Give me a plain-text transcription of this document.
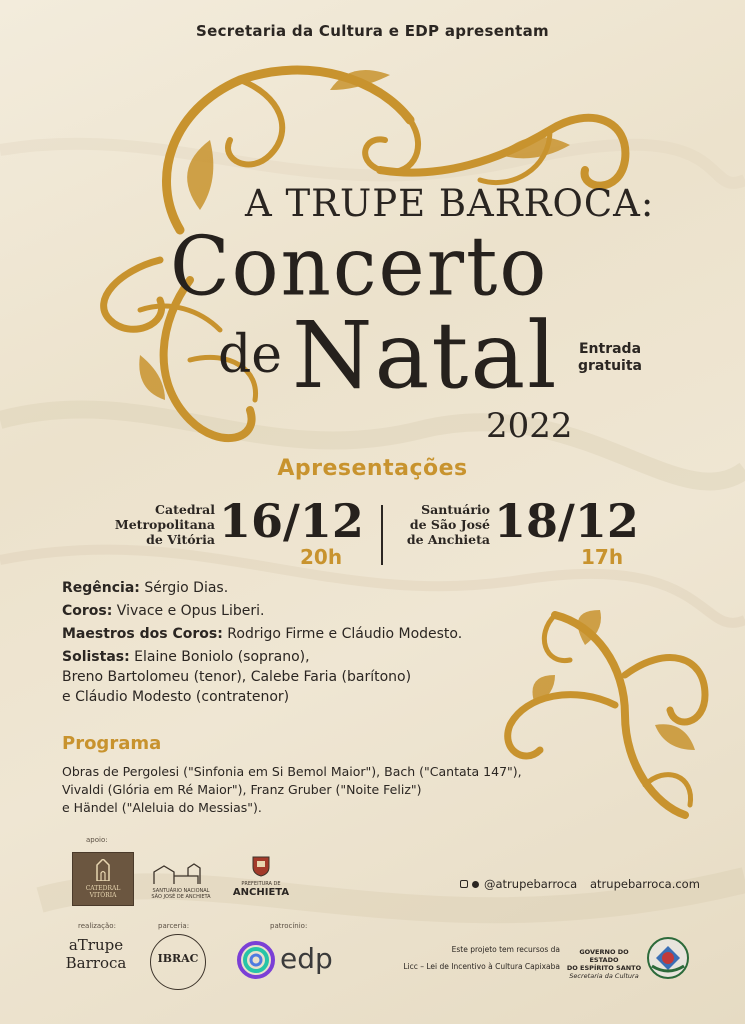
Secretaria da Cultura e EDP apresentam
A TRUPE BARROCA:
Concerto
de Natal
2022
Entrada
gratuita
Apresentações
Catedral
Metropolitana
de Vitória 16/12
20h
Santuário
de São José
de Anchieta 18/12
17h
Regência: Sérgio Dias.
Coros: Vivace e Opus Liberi.
Maestros dos Coros: Rodrigo Firme e Cláudio Modesto.
Solistas: Elaine Boniolo (soprano),
Breno Bartolomeu (tenor), Calebe Faria (barítono)
e Cláudio Modesto (contratenor)
Programa
Obras de Pergolesi ("Sinfonia em Si Bemol Maior"), Bach ("Cantata 147"),
Vivaldi (Glória em Ré Maior"), Franz Gruber ("Noite Feliz")
e Händel ("Aleluia do Messias").
apoio:
CATEDRAL VITÓRIA
SANTUÁRIO NACIONAL SÃO JOSÉ DE ANCHIETA
PREFEITURA DE
ANCHIETA
@atrupebarroca atrupebarroca.com
realização:	parceria:	patrocínio:
aTrupe
Barroca	IBRAC	edp	Este projeto tem recursos da
Licc – Lei de Incentivo à Cultura Capixaba
GOVERNO DO ESTADO
DO ESPÍRITO SANTO
Secretaria da Cultura
